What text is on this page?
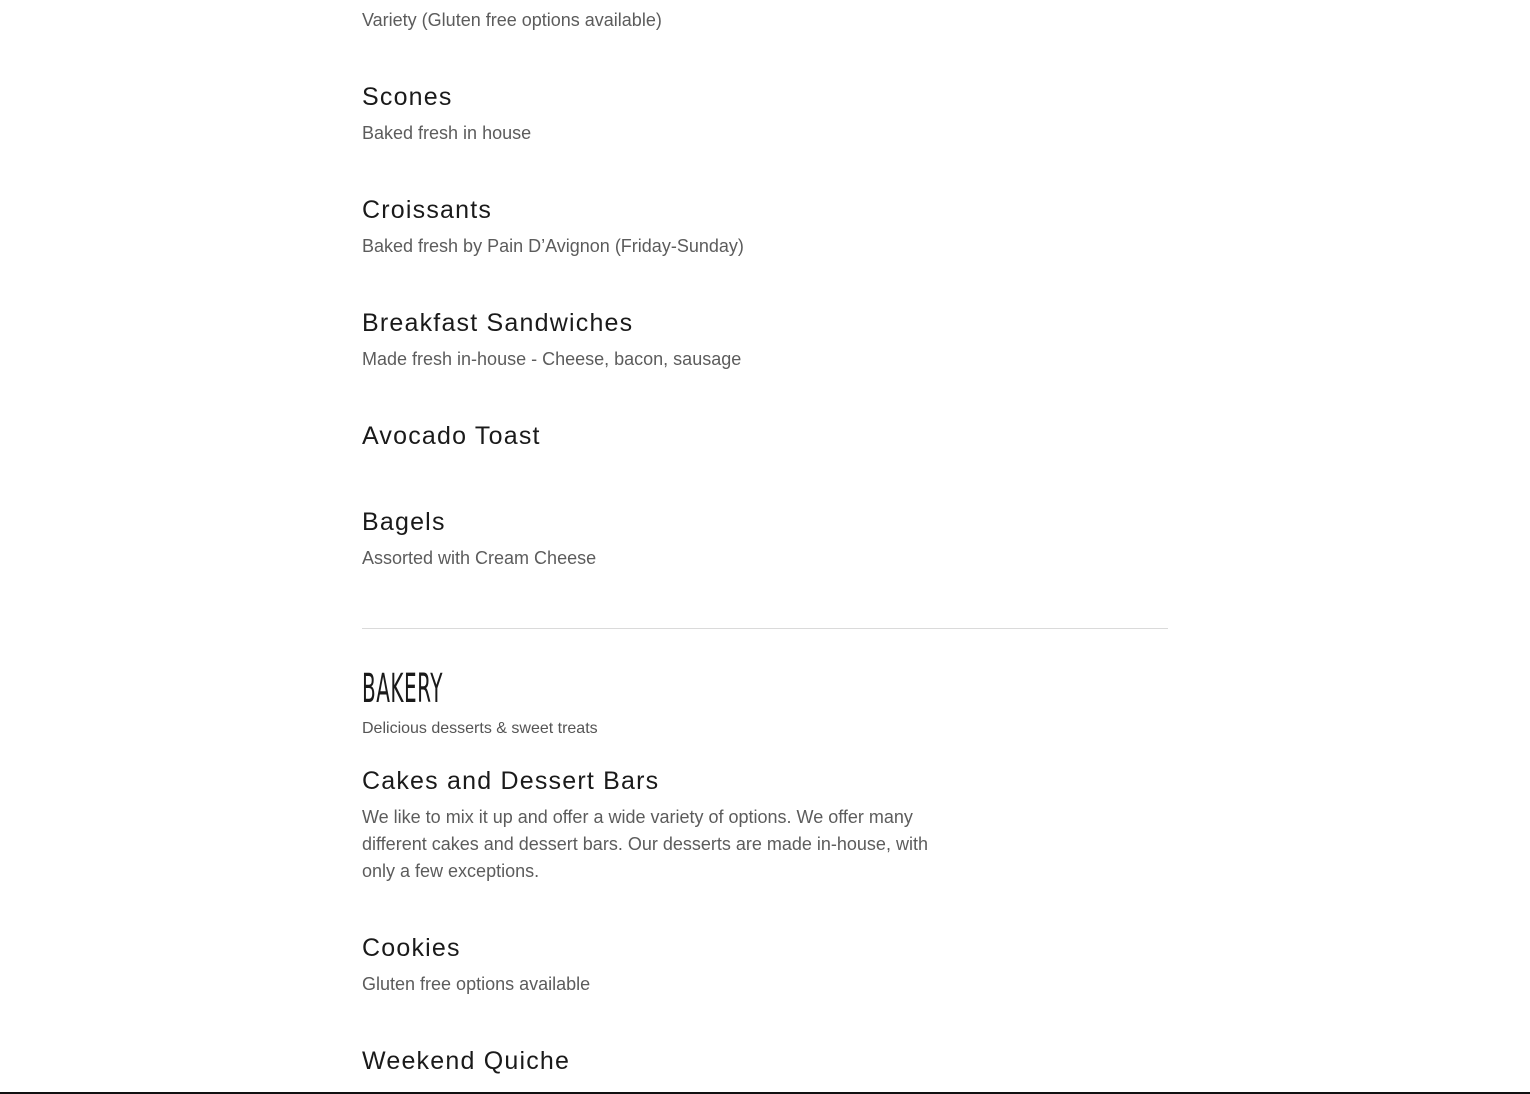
Variety (Gluten free options available)
Scones
Baked fresh in house
Croissants
Baked fresh by Pain D’Avignon (Friday-Sunday)
Breakfast Sandwiches
Made fresh in-house - Cheese, bacon, sausage
Avocado Toast
Bagels
Assorted with Cream Cheese
BAKERY
Delicious desserts & sweet treats
Cakes and Dessert Bars
We like to mix it up and offer a wide variety of options. We offer many different cakes and dessert bars. Our desserts are made in-house, with only a few exceptions.
Cookies
Gluten free options available
Weekend Quiche
